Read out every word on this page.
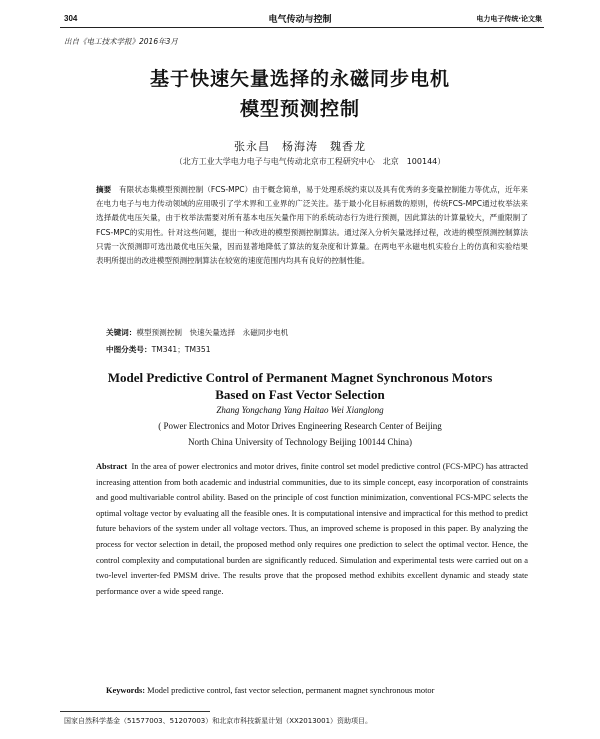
304	电气传动与控制	电力电子传统·论文集
出自《电工技术学报》2016年3月
基于快速矢量选择的永磁同步电机
模型预测控制
张永昌　杨海涛　魏香龙
（北方工业大学电力电子与电气传动北京市工程研究中心　北京　100144）
摘要　 有限状态集模型预测控制（FCS-MPC）由于概念简单，易于处理系统约束以及具有优秀的多变量控制能力等优点，近年来在电力电子与电力传动领域的应用吸引了学术界和工业界的广泛关注。基于最小化目标函数的原则，传统FCS-MPC通过枚举法来选择最优电压矢量，由于枚举法需要对所有基本电压矢量作用下的系统动态行为进行预测，因此算法的计算量较大，严重限制了FCS-MPC的实用性。针对这些问题，提出一种改进的模型预测控制算法。通过深入分析矢量选择过程，改进的模型预测控制算法只需一次预测即可选出最优电压矢量，因而显著地降低了算法的复杂度和计算量。在两电平永磁电机实验台上的仿真和实验结果表明所提出的改进模型预测控制算法在较宽的速度范围内均具有良好的控制性能。
关键词：模型预测控制　快速矢量选择　永磁同步电机
中图分类号：TM341；TM351
Model Predictive Control of Permanent Magnet Synchronous Motors
Based on Fast Vector Selection
Zhang Yongchang Yang Haitao Wei Xianglong
( Power Electronics and Motor Drives Engineering Research Center of Beijing
North China University of Technology Beijing 100144 China)
Abstract In the area of power electronics and motor drives, finite control set model predictive control (FCS-MPC) has attracted increasing attention from both academic and industrial communities, due to its simple concept, easy incorporation of constraints and good multivariable control ability. Based on the principle of cost function minimization, conventional FCS-MPC selects the optimal voltage vector by evaluating all the feasible ones. It is computational intensive and impractical for this method to predict future behaviors of the system under all voltage vectors. Thus, an improved scheme is proposed in this paper. By analyzing the process for vector selection in detail, the proposed method only requires one prediction to select the optimal vector. Hence, the control complexity and computational burden are significantly reduced. Simulation and experimental tests were carried out on a two-level inverter-fed PMSM drive. The results prove that the proposed method exhibits excellent dynamic and steady state performance over a wide speed range.
Keywords: Model predictive control, fast vector selection, permanent magnet synchronous motor
国家自然科学基金（51577003、51207003）和北京市科技新星计划（XX2013001）资助项目。
